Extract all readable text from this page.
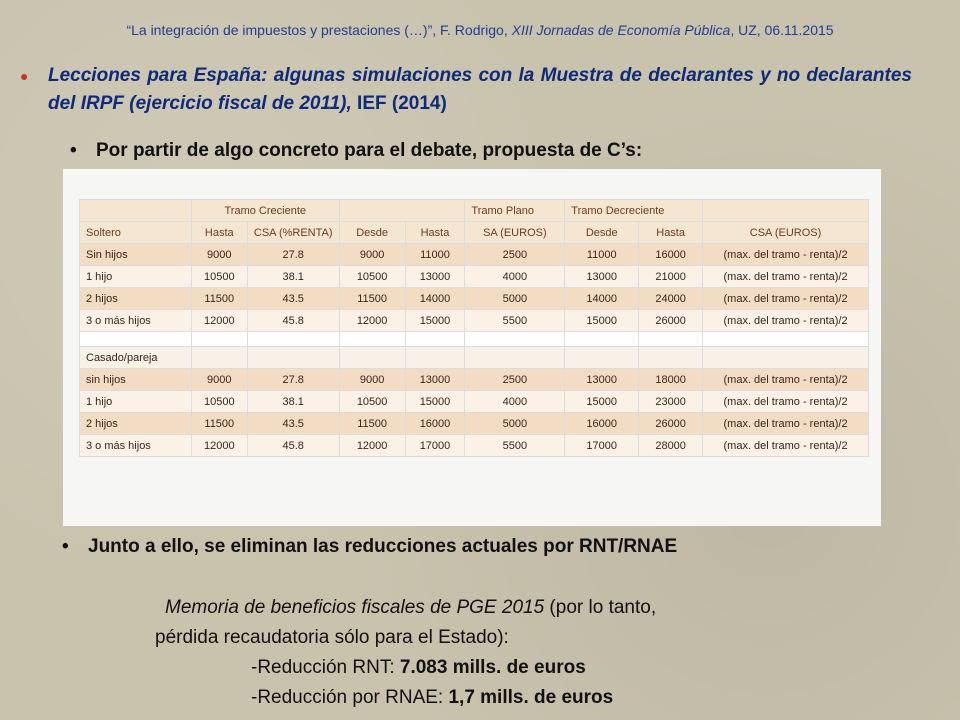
“La integración de impuestos y prestaciones (…)”, F. Rodrigo, XIII Jornadas de Economía Pública, UZ, 06.11.2015
●	Lecciones para España: algunas simulaciones con la Muestra de declarantes y no declarantes del IRPF (ejercicio fiscal de 2011), IEF (2014)
• Por partir de algo concreto para el debate, propuesta de C’s:
	Tramo Creciente				Tramo Plano	Tramo Decreciente		
Soltero	Hasta	CSA (%RENTA)	Desde	Hasta	SA (EUROS)	Desde	Hasta	CSA (EUROS)
Sin hijos	9000	27.8	9000	11000	2500	11000	16000	(max. del tramo - renta)/2
1 hijo	10500	38.1	10500	13000	4000	13000	21000	(max. del tramo - renta)/2
2 hijos	11500	43.5	11500	14000	5000	14000	24000	(max. del tramo - renta)/2
3 o más hijos	12000	45.8	12000	15000	5500	15000	26000	(max. del tramo - renta)/2

Casado/pareja								
sin hijos	9000	27.8	9000	13000	2500	13000	18000	(max. del tramo - renta)/2
1 hijo	10500	38.1	10500	15000	4000	15000	23000	(max. del tramo - renta)/2
2 hijos	11500	43.5	11500	16000	5000	16000	26000	(max. del tramo - renta)/2
3 o más hijos	12000	45.8	12000	17000	5500	17000	28000	(max. del tramo - renta)/2
• Junto a ello, se eliminan las reducciones actuales por RNT/RNAE
Memoria de beneficios fiscales de PGE 2015 (por lo tanto,
pérdida recaudatoria sólo para el Estado):
-Reducción RNT: 7.083 mills. de euros
-Reducción por RNAE: 1,7 mills. de euros
